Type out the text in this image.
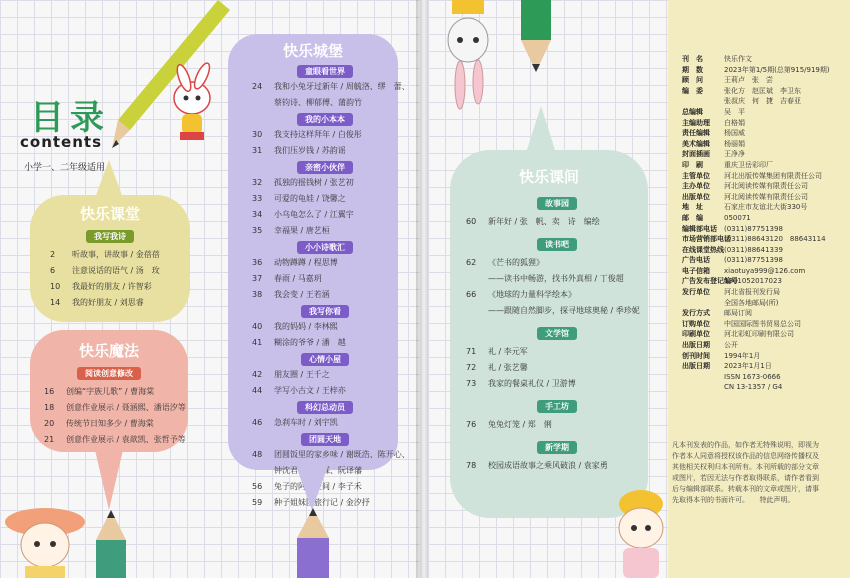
目录
contents
小学一、二年级适用
快乐课堂
我写我诗
2 听故事，讲故事 / 金蓓蓓
6 注意说话的语气 / 汤　玫
10 我最好的朋友 / 许智彩
14 我的好朋友 / 刘思睿
快乐魔法
阅读创意修改
16 创编“字族儿歌” / 曹海棠
18 创意作业展示 / 聂涵熙、潘语汐等
20 传统节日知多少 / 曹海棠
21 创意作业展示 / 袁歆凯、张哲予等
快乐城堡
童眼看世界
24 我和小兔牙过新年 / 周毓洛、缪　蕾、
蔡钧诗、柳郁傅、蒲韵竹
我的小本本
30 我支持这样拜年 / 白俊彤
31 我们压岁钱 / 苏韵谣
亲密小伙伴
32 孤独的摇钱树 / 张艺初
33 可爱的龟娃 / 饶馨之
34 小乌龟怎么了 / 江翼宇
35 幸福果 / 唐艺桓
小小诗歌汇
36 动物蹲蹲 / 程思博
37 春雨 / 马嘉玥
38 我会变 / 王若涵
我写你看
40 我的妈妈 / 李林熙
41 糊涂的爷爷 / 潘　越
心情小屋
42 朋友圈 / 王千之
44 学写小古文 / 王梓亦
科幻总动员
46 急刹车时 / 刘宇凯
团圆天地
48 团圆饭里的家乡味 / 谢既浩、陈开心、
钟沈君、丁郁霖、阮译藩
56 兔子的阿想空间 / 李子禾
59 种子姐妹团旅行记 / 金汐抒
快乐课间
故事园
60 新年好 / 张　帆、卖　诗　编绘
读书吧
62 《芒书的狐狸》
——读书中畅游，找书外真相 / 丁俊超
66 《地球的力量科学绘本》
——跟随自然脚步，探寻地球奥秘 / 季珍妮
文学馆
71 礼 / 李元军
72 礼 / 张艺馨
73 我家的餐桌礼仪 / 卫游博
手工坊
76 兔兔灯笼 / 郑　俐
新学期
78 校园成语故事之乘风破浪 / 袁家勇
刊　名	快乐作文
期　数	2023年第1/5期(总第915/919期)
顾　问	王莉卢　张　尝
编　委	张化方　赵匡斌　李卫东
张叔庆　何　捷　吉春亚
总编辑	吴　平
主编助理 白格娟
责任编辑 杨国威
美术编辑 杨丽娟
封面插画 王净净
印　刷	重庆卫岳彩印厂
主管单位 河北出版传媒集团有限责任公司
主办单位 河北阅读传媒有限责任公司
出版单位 河北阅读传媒有限责任公司
地　址	石家庄市友谊北大街330号
邮　编	050071
编辑部电话 (0311)87751398
市场营销部电话(0311)88643120　88643114
在线课堂热线(0311)88641339
广告电话 (0311)87751398
电子信箱 xiaotuya999@126.com
广告发布登记编号1301052017023
发行单位 河北省报刊发行局
全国各地邮局(所)
发行方式 邮局订阅
订购单位 中国国际图书贸易总公司
印刷单位 河北彩虹印刷有限公司
出版日期 公开
创刊时间 1994年1月
出版日期 2023年1月1日
ISSN 1673-0666
CN 13-1357 / G4
凡本刊发表的作品，如作者无特殊说明，即视为作者本人同意将授权该作品的信息网络传播权及其他相关权利归本刊所有。本刊所载的部分文章或图片，若因无法与作者取得联系，请作者看到后与编辑部联系。转载本刊的文章或图片，请事先取得本刊的书面许可。　　特此声明。
